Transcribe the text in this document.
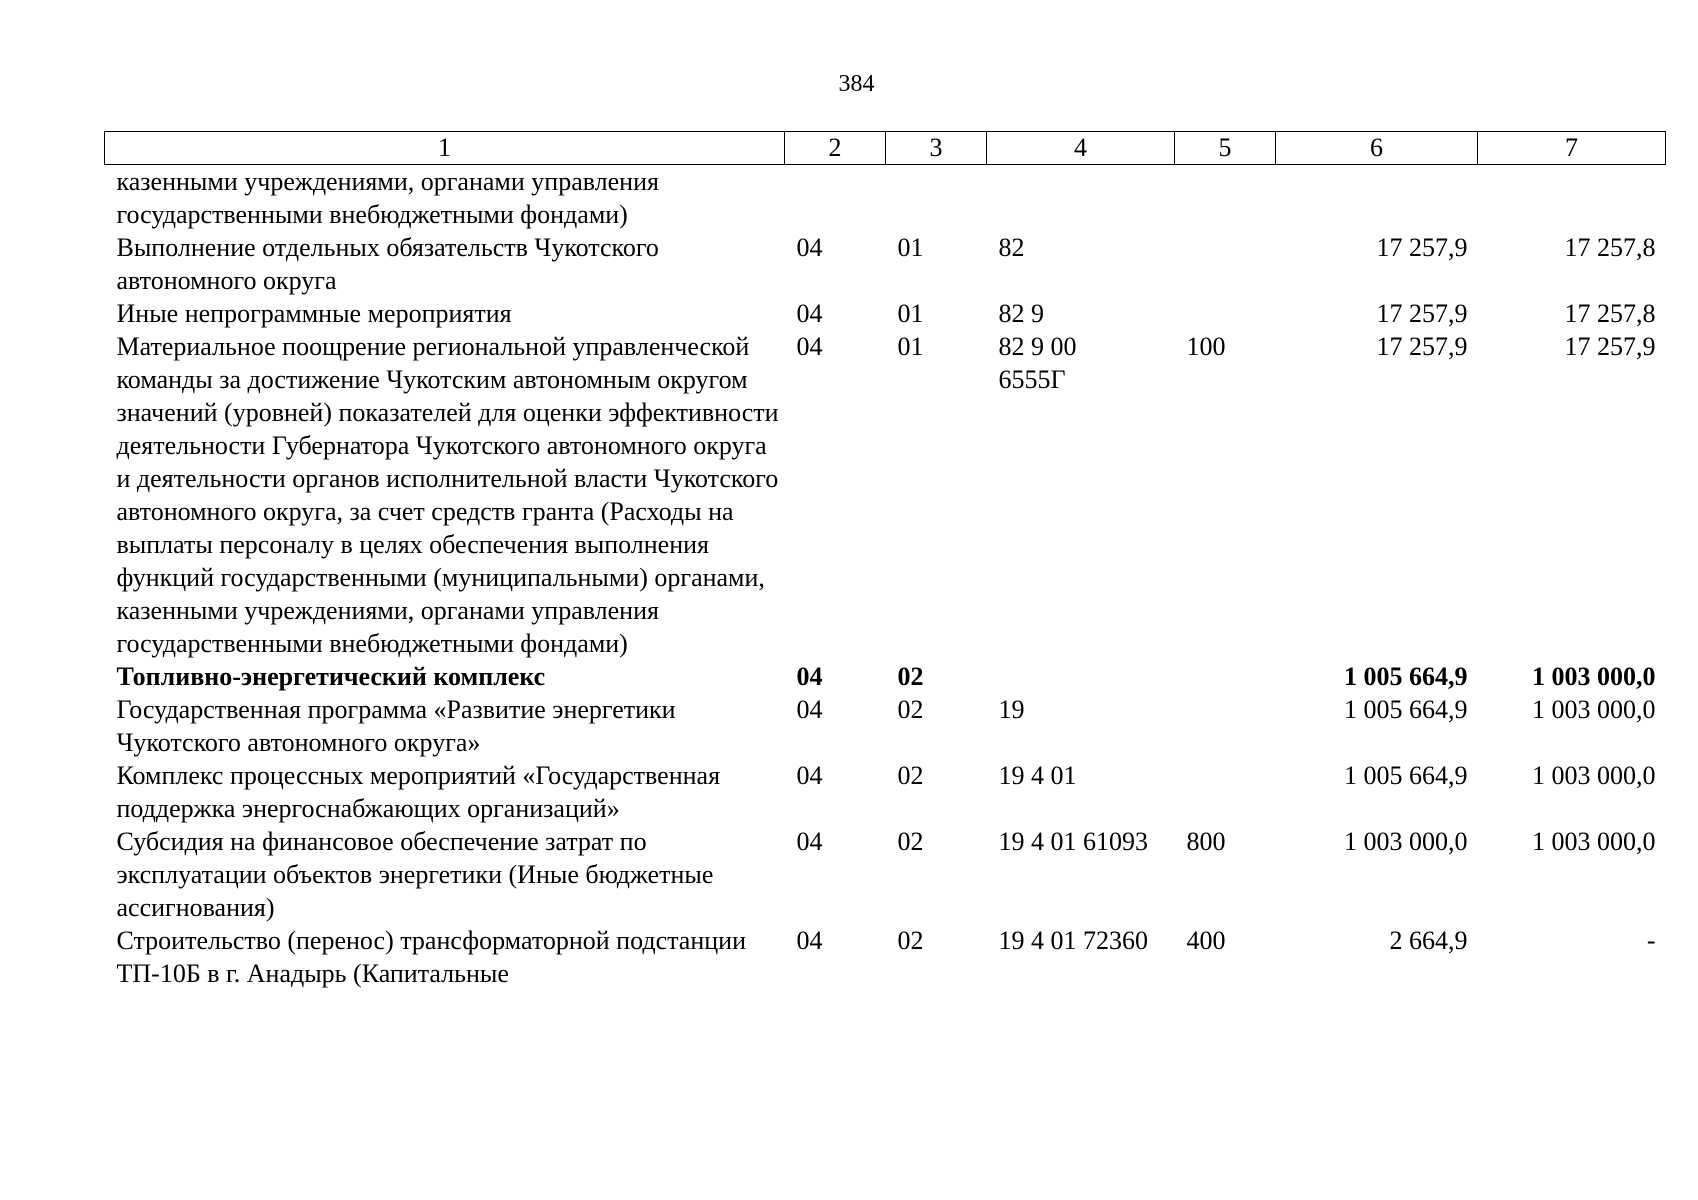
384
1	2	3	4	5	6	7
казенными учреждениями, органами управления государственными внебюджетными фондами)						
Выполнение отдельных обязательств Чукотского автономного округа	04	01	82		17 257,9	17 257,8
Иные непрограммные мероприятия	04	01	82 9		17 257,9	17 257,8
Материальное поощрение региональной управленческой команды за достижение Чукотским автономным округом значений (уровней) показателей для оценки эффективности деятельности Губернатора Чукотского автономного округа и деятельности органов исполнительной власти Чукотского автономного округа, за счет средств гранта (Расходы на выплаты персоналу в целях обеспечения выполнения функций государственными (муниципальными) органами, казенными учреждениями, органами управления государственными внебюджетными фондами)	04	01	82 9 00 6555Г	100	17 257,9	17 257,9
Топливно-энергетический комплекс	04	02			1 005 664,9	1 003 000,0
Государственная программа «Развитие энергетики Чукотского автономного округа»	04	02	19		1 005 664,9	1 003 000,0
Комплекс процессных мероприятий «Государственная поддержка энергоснабжающих организаций»	04	02	19 4 01		1 005 664,9	1 003 000,0
Субсидия на финансовое обеспечение затрат по эксплуатации объектов энергетики (Иные бюджетные ассигнования)	04	02	19 4 01 61093	800	1 003 000,0	1 003 000,0
Строительство (перенос) трансформаторной подстанции ТП-10Б в г. Анадырь (Капитальные	04	02	19 4 01 72360	400	2 664,9	-
